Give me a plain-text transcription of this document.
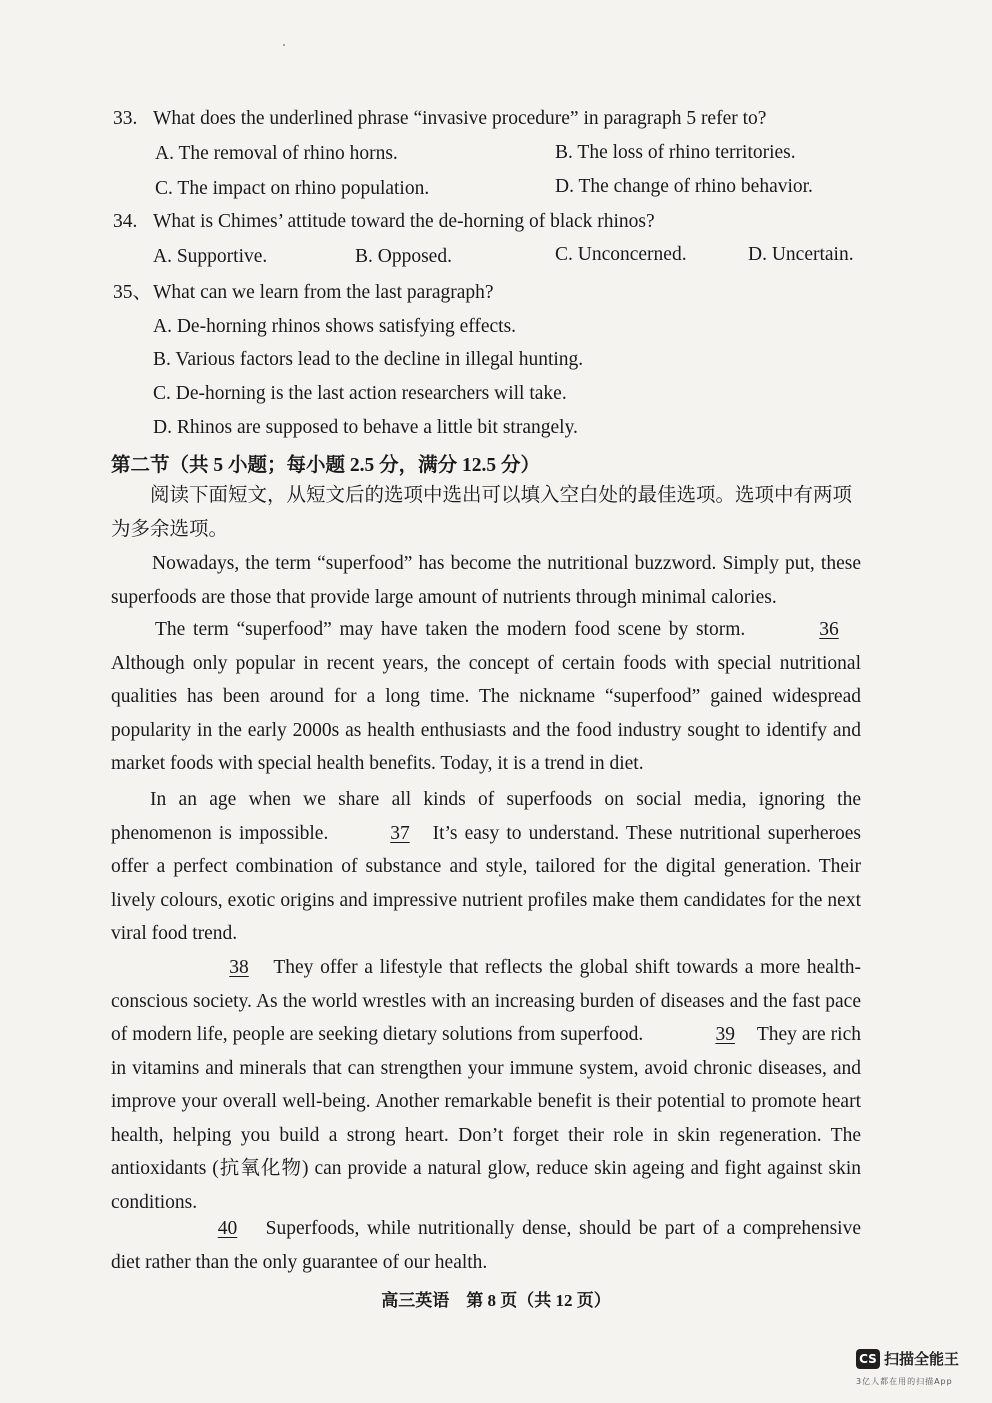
33. What does the underlined phrase “invasive procedure” in paragraph 5 refer to?
A. The removal of rhino horns.	B. The loss of rhino territories.
C. The impact on rhino population.	D. The change of rhino behavior.
34. What is Chimes’ attitude toward the de-horning of black rhinos?
A. Supportive.	B. Opposed.	C. Unconcerned.	D. Uncertain.
35、What can we learn from the last paragraph?
A. De-horning rhinos shows satisfying effects.
B. Various factors lead to the decline in illegal hunting.
C. De-horning is the last action researchers will take.
D. Rhinos are supposed to behave a little bit strangely.
第二节（共 5 小题；每小题 2.5 分，满分 12.5 分）
阅读下面短文，从短文后的选项中选出可以填入空白处的最佳选项。选项中有两项为多余选项。
Nowadays, the term “superfood” has become the nutritional buzzword. Simply put, these superfoods are those that provide large amount of nutrients through minimal calories.
The term “superfood” may have taken the modern food scene by storm.	36 Although only popular in recent years, the concept of certain foods with special nutritional qualities has been around for a long time. The nickname “superfood” gained widespread popularity in the early 2000s as health enthusiasts and the food industry sought to identify and market foods with special health benefits. Today, it is a trend in diet.
In an age when we share all kinds of superfoods on social media, ignoring the phenomenon is impossible.	37 It’s easy to understand. These nutritional superheroes offer a perfect combination of substance and style, tailored for the digital generation. Their lively colours, exotic origins and impressive nutrient profiles make them candidates for the next viral food trend.
38 They offer a lifestyle that reflects the global shift towards a more health-conscious society. As the world wrestles with an increasing burden of diseases and the fast pace of modern life, people are seeking dietary solutions from superfood.	39 They are rich in vitamins and minerals that can strengthen your immune system, avoid chronic diseases, and improve your overall well-being. Another remarkable benefit is their potential to promote heart health, helping you build a strong heart. Don’t forget their role in skin regeneration. The antioxidants (抗氧化物) can provide a natural glow, reduce skin ageing and fight against skin conditions.
40 Superfoods, while nutritionally dense, should be part of a comprehensive diet rather than the only guarantee of our health.
高三英语　第 8 页（共 12 页）
CS 扫描全能王
3亿人都在用的扫描App
